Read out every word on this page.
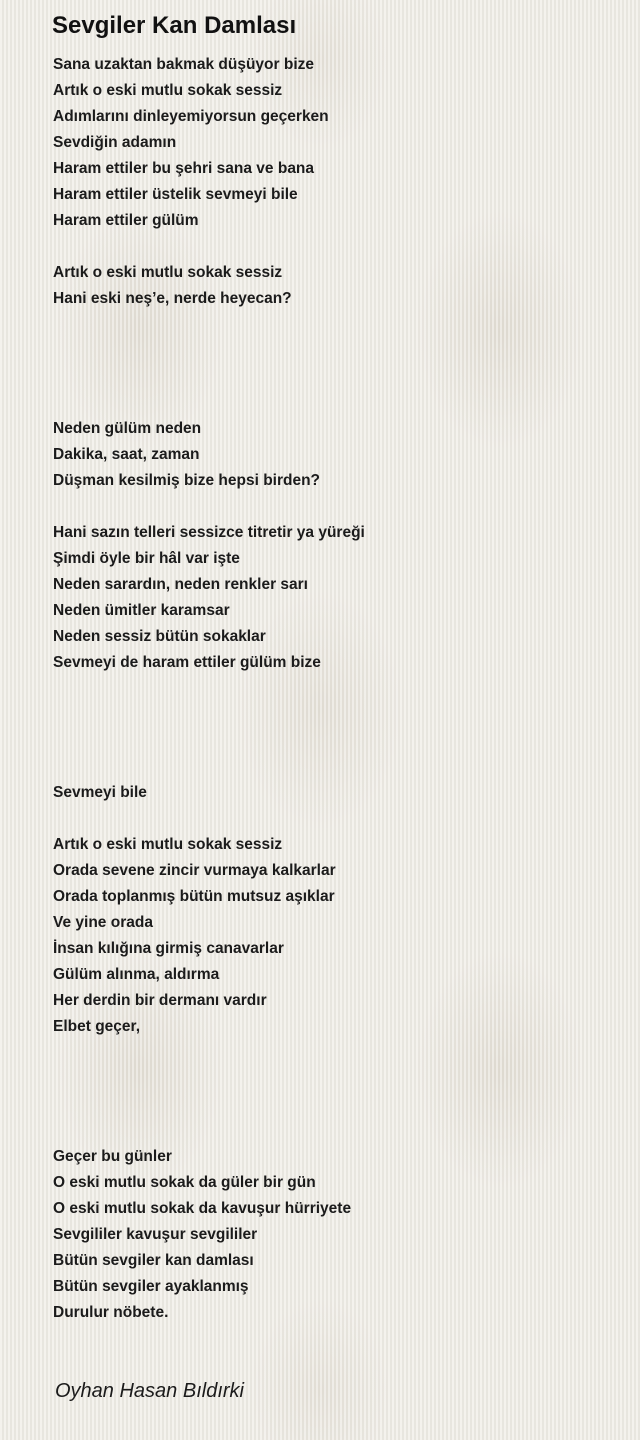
Sevgiler Kan Damlası
Sana uzaktan bakmak düşüyor bize
Artık o eski mutlu sokak sessiz
Adımlarını dinleyemiyorsun geçerken
Sevdiğin adamın
Haram ettiler bu şehri sana ve bana
Haram ettiler üstelik sevmeyi bile
Haram ettiler gülüm
Artık o eski mutlu sokak sessiz
Hani eski neş’e, nerde heyecan?
Neden gülüm neden
Dakika, saat, zaman
Düşman kesilmiş bize hepsi birden?
Hani sazın telleri sessizce titretir ya yüreği
Şimdi öyle bir hâl var işte
Neden sarardın, neden renkler sarı
Neden ümitler karamsar
Neden sessiz bütün sokaklar
Sevmeyi de haram ettiler gülüm bize
Sevmeyi bile
Artık o eski mutlu sokak sessiz
Orada sevene zincir vurmaya kalkarlar
Orada toplanmış bütün mutsuz aşıklar
Ve yine orada
İnsan kılığına girmiş canavarlar
Gülüm alınma, aldırma
Her derdin bir dermanı vardır
Elbet geçer,
Geçer bu günler
O eski mutlu sokak da güler bir gün
O eski mutlu sokak da kavuşur hürriyete
Sevgililer kavuşur sevgililer
Bütün sevgiler kan damlası
Bütün sevgiler ayaklanmış
Durulur nöbete.

Oyhan Hasan Bıldırki
